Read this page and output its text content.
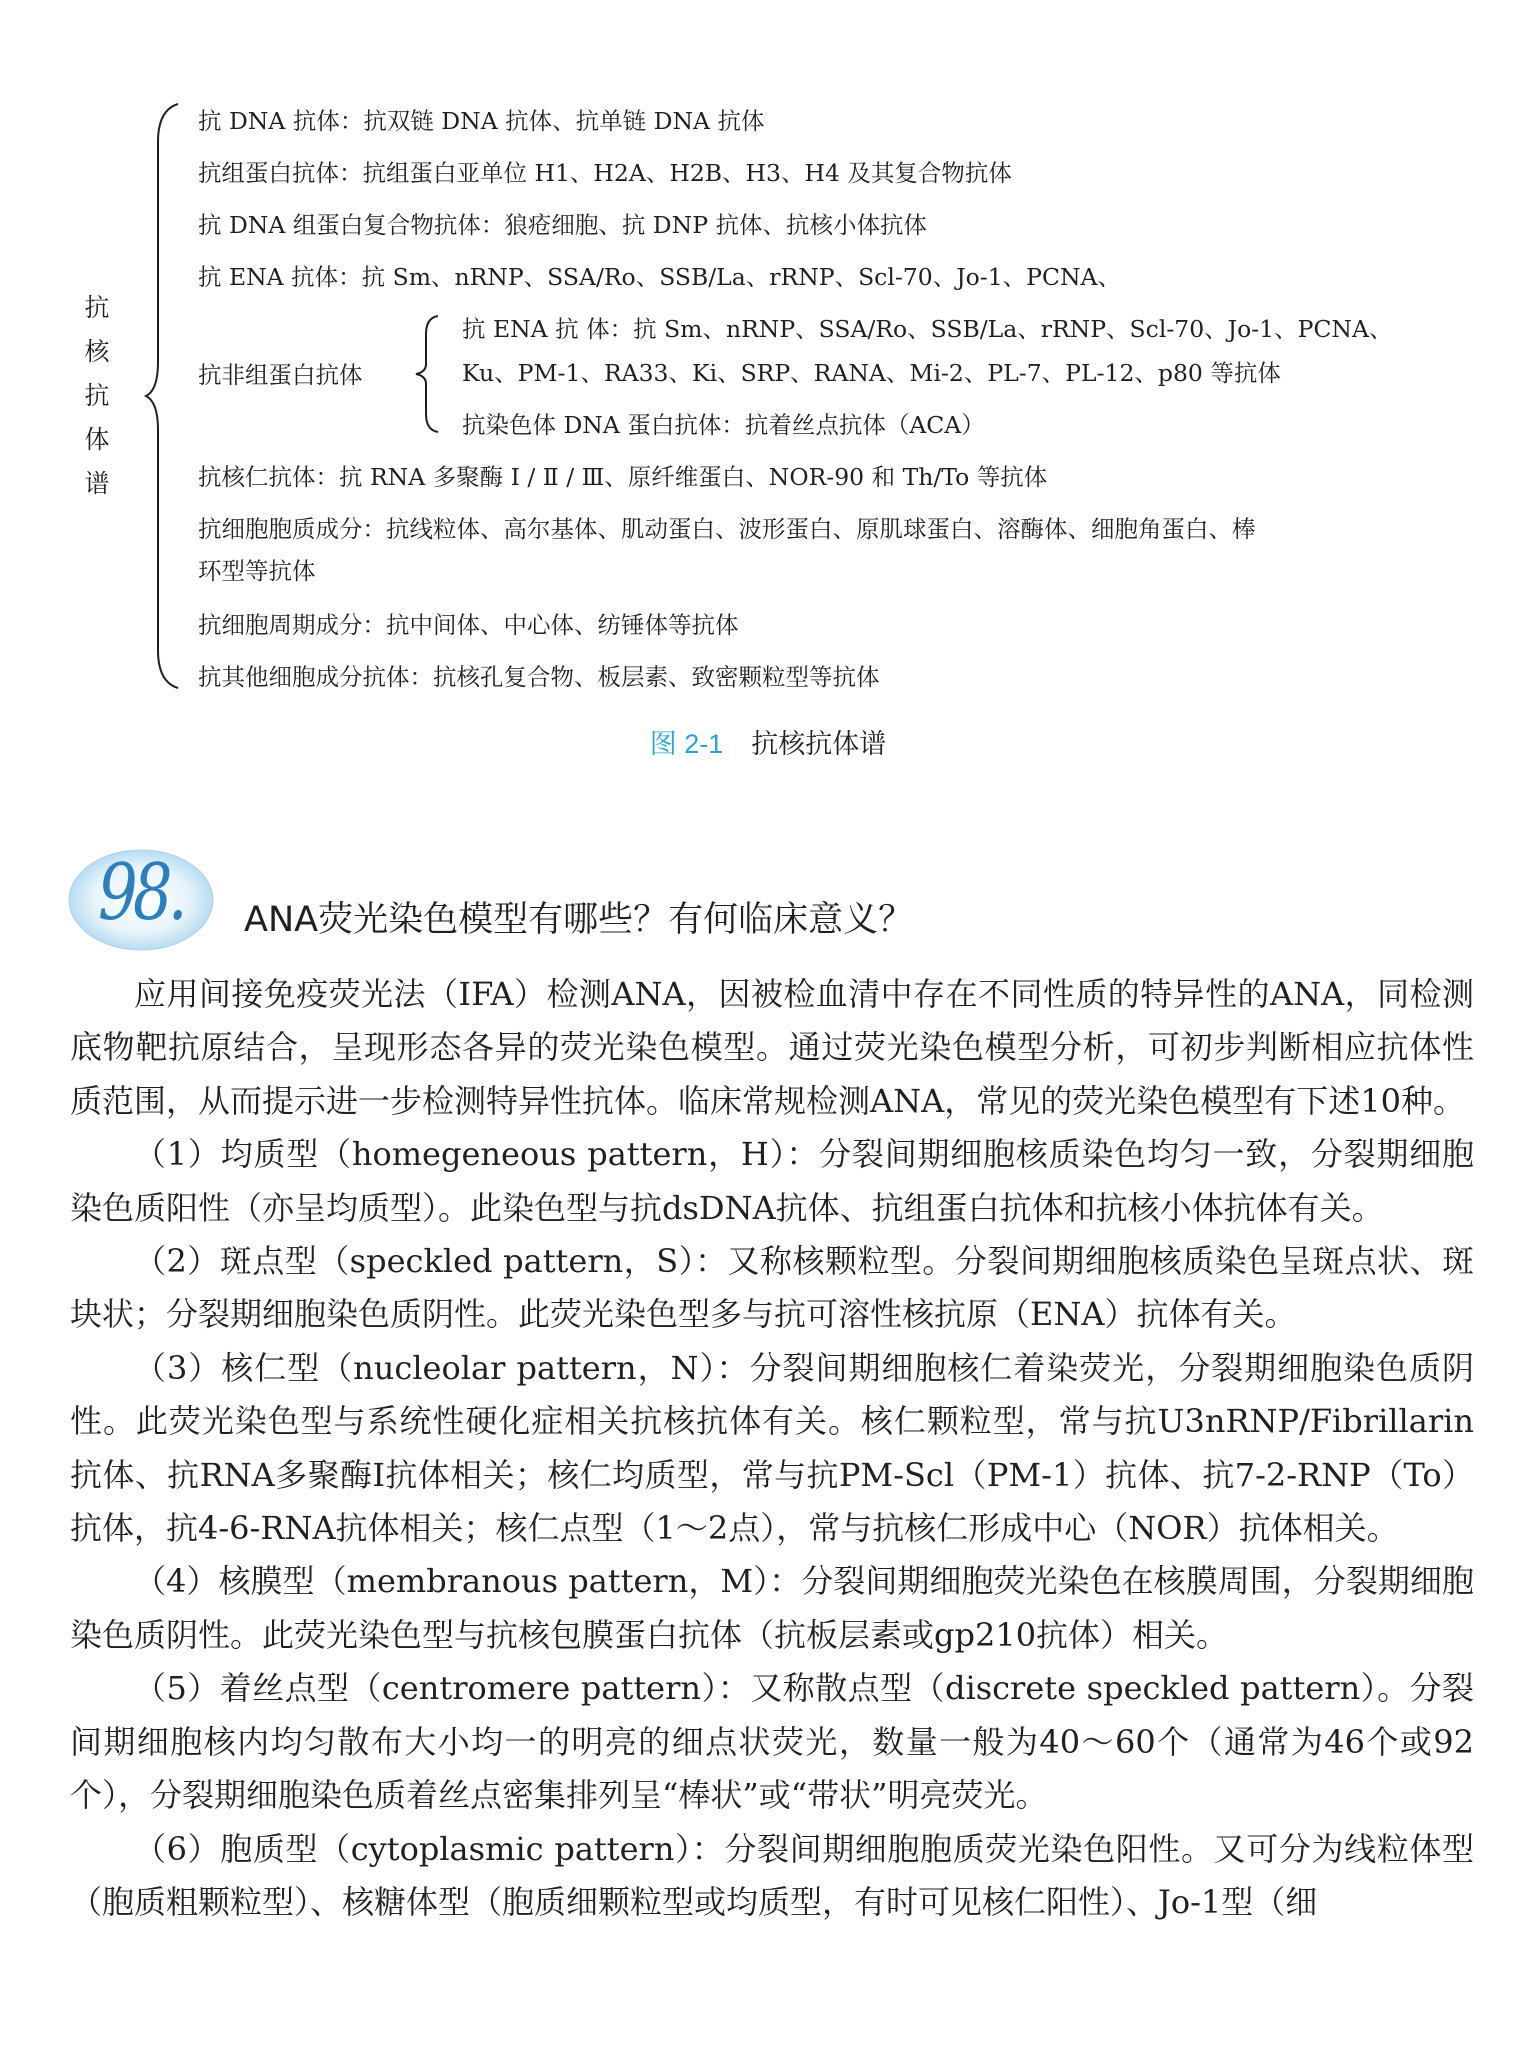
抗
核
抗
体
谱
抗 DNA 抗体：抗双链 DNA 抗体、抗单链 DNA 抗体
抗组蛋白抗体：抗组蛋白亚单位 H1、H2A、H2B、H3、H4 及其复合物抗体
抗 DNA 组蛋白复合物抗体：狼疮细胞、抗 DNP 抗体、抗核小体抗体
抗 ENA 抗体：抗 Sm、nRNP、SSA/Ro、SSB/La、rRNP、Scl-70、Jo-1、PCNA、
抗非组蛋白抗体
抗 ENA 抗 体：抗 Sm、nRNP、SSA/Ro、SSB/La、rRNP、Scl-70、Jo-1、PCNA、
Ku、PM-1、RA33、Ki、SRP、RANA、Mi-2、PL-7、PL-12、p80 等抗体
抗染色体 DNA 蛋白抗体：抗着丝点抗体（ACA）
抗核仁抗体：抗 RNA 多聚酶 Ⅰ / Ⅱ / Ⅲ、原纤维蛋白、NOR-90 和 Th/To 等抗体
抗细胞胞质成分：抗线粒体、高尔基体、肌动蛋白、波形蛋白、原肌球蛋白、溶酶体、细胞角蛋白、棒
环型等抗体
抗细胞周期成分：抗中间体、中心体、纺锤体等抗体
抗其他细胞成分抗体：抗核孔复合物、板层素、致密颗粒型等抗体
图 2-1 抗核抗体谱
98. ANA荧光染色模型有哪些？有何临床意义？

应用间接免疫荧光法（IFA）检测ANA，因被检血清中存在不同性质的特异性的ANA，同检测底物靶抗原结合，呈现形态各异的荧光染色模型。通过荧光染色模型分析，可初步判断相应抗体性质范围，从而提示进一步检测特异性抗体。临床常规检测ANA，常见的荧光染色模型有下述10种。

（1）均质型（homegeneous pattern，H）：分裂间期细胞核质染色均匀一致，分裂期细胞染色质阳性（亦呈均质型）。此染色型与抗dsDNA抗体、抗组蛋白抗体和抗核小体抗体有关。

（2）斑点型（speckled pattern，S）：又称核颗粒型。分裂间期细胞核质染色呈斑点状、斑块状；分裂期细胞染色质阴性。此荧光染色型多与抗可溶性核抗原（ENA）抗体有关。

（3）核仁型（nucleolar pattern，N）：分裂间期细胞核仁着染荧光，分裂期细胞染色质阴性。此荧光染色型与系统性硬化症相关抗核抗体有关。核仁颗粒型，常与抗U3nRNP/Fibrillarin抗体、抗RNA多聚酶Ⅰ抗体相关；核仁均质型，常与抗PM-Scl（PM-1）抗体、抗7-2-RNP（To）抗体，抗4-6-RNA抗体相关；核仁点型（1～2点），常与抗核仁形成中心（NOR）抗体相关。

（4）核膜型（membranous pattern，M）：分裂间期细胞荧光染色在核膜周围，分裂期细胞染色质阴性。此荧光染色型与抗核包膜蛋白抗体（抗板层素或gp210抗体）相关。

（5）着丝点型（centromere pattern）：又称散点型（discrete speckled pattern）。分裂间期细胞核内均匀散布大小均一的明亮的细点状荧光，数量一般为40～60个（通常为46个或92个），分裂期细胞染色质着丝点密集排列呈“棒状”或“带状”明亮荧光。

（6）胞质型（cytoplasmic pattern）：分裂间期细胞胞质荧光染色阳性。又可分为线粒体型（胞质粗颗粒型）、核糖体型（胞质细颗粒型或均质型，有时可见核仁阳性）、Jo-1型（细
